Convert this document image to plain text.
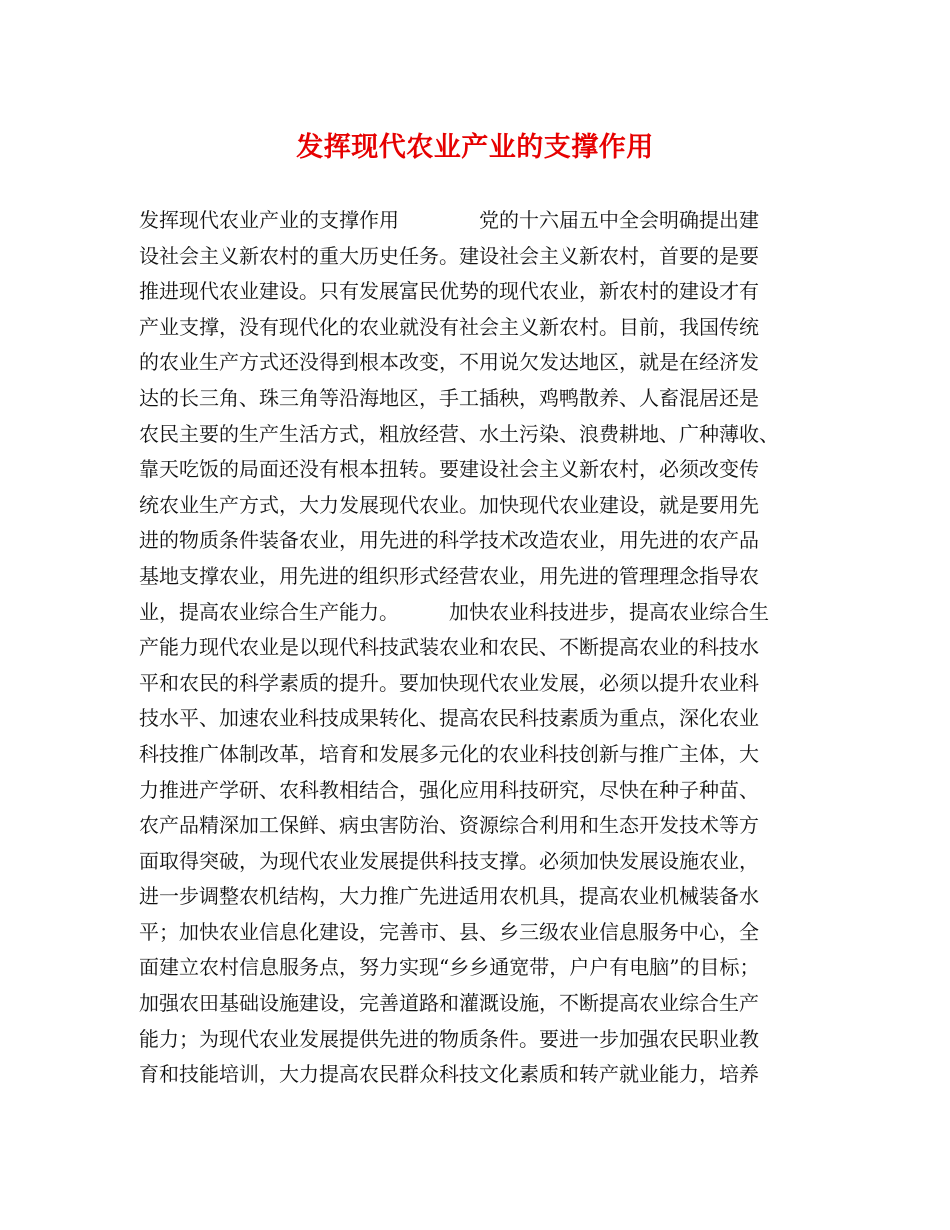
发挥现代农业产业的支撑作用
发挥现代农业产业的支撑作用　　　　党的十六届五中全会明确提出建
设社会主义新农村的重大历史任务。建设社会主义新农村，首要的是要
推进现代农业建设。只有发展富民优势的现代农业，新农村的建设才有
产业支撑，没有现代化的农业就没有社会主义新农村。目前，我国传统
的农业生产方式还没得到根本改变，不用说欠发达地区，就是在经济发
达的长三角、珠三角等沿海地区，手工插秧，鸡鸭散养、人畜混居还是
农民主要的生产生活方式，粗放经营、水土污染、浪费耕地、广种薄收、
靠天吃饭的局面还没有根本扭转。要建设社会主义新农村，必须改变传
统农业生产方式，大力发展现代农业。加快现代农业建设，就是要用先
进的物质条件装备农业，用先进的科学技术改造农业，用先进的农产品
基地支撑农业，用先进的组织形式经营农业，用先进的管理理念指导农
业，提高农业综合生产能力。　　　加快农业科技进步，提高农业综合生
产能力现代农业是以现代科技武装农业和农民、不断提高农业的科技水
平和农民的科学素质的提升。要加快现代农业发展，必须以提升农业科
技水平、加速农业科技成果转化、提高农民科技素质为重点，深化农业
科技推广体制改革，培育和发展多元化的农业科技创新与推广主体，大
力推进产学研、农科教相结合，强化应用科技研究，尽快在种子种苗、
农产品精深加工保鲜、病虫害防治、资源综合利用和生态开发技术等方
面取得突破，为现代农业发展提供科技支撑。必须加快发展设施农业，
进一步调整农机结构，大力推广先进适用农机具，提高农业机械装备水
平；加快农业信息化建设，完善市、县、乡三级农业信息服务中心，全
面建立农村信息服务点，努力实现“乡乡通宽带，户户有电脑”的目标；
加强农田基础设施建设，完善道路和灌溉设施，不断提高农业综合生产
能力；为现代农业发展提供先进的物质条件。要进一步加强农民职业教
育和技能培训，大力提高农民群众科技文化素质和转产就业能力，培养
